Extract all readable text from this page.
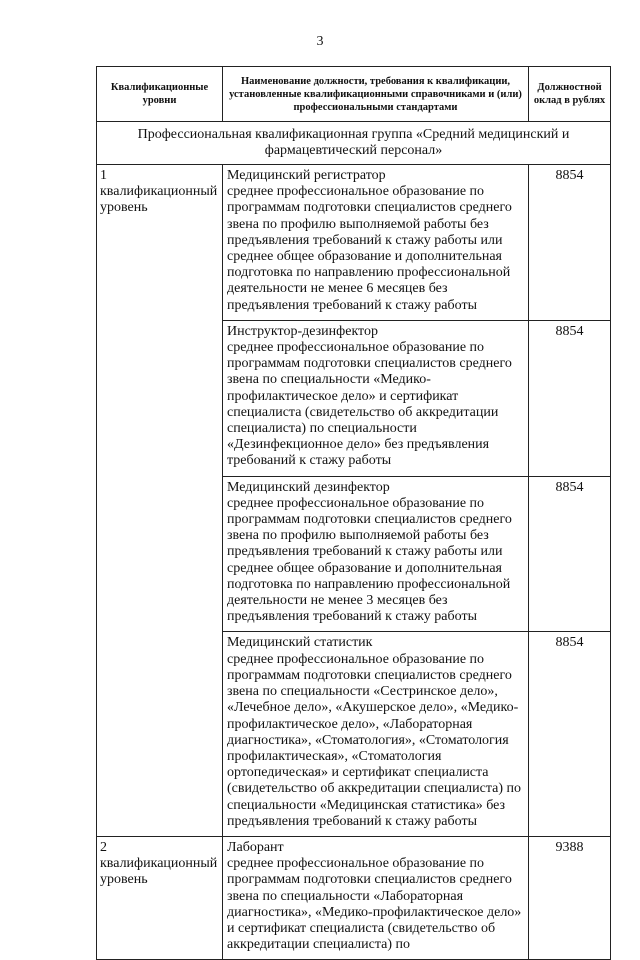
3
Квалификационные уровни	Наименование должности, требования к квалификации, установленные квалификационными справочниками и (или) профессиональными стандартами	Должностной оклад в рублях
Профессиональная квалификационная группа «Средний медицинский и фармацевтический персонал»		
1 квалификационный уровень	Медицинский регистратор
среднее профессиональное образование по программам подготовки специалистов среднего звена по профилю выполняемой работы без предъявления требований к стажу работы или среднее общее образование и дополнительная подготовка по направлению профессиональной деятельности не менее 6 месяцев без предъявления требований к стажу работы	8854

	Инструктор-дезинфектор
среднее профессиональное образование по программам подготовки специалистов среднего звена по специальности «Медико-профилактическое дело» и сертификат специалиста (свидетельство об аккредитации специалиста) по специальности «Дезинфекционное дело» без предъявления требований к стажу работы	8854

	Медицинский дезинфектор
среднее профессиональное образование по программам подготовки специалистов среднего звена по профилю выполняемой работы без предъявления требований к стажу работы или среднее общее образование и дополнительная подготовка по направлению профессиональной деятельности не менее 3 месяцев без предъявления требований к стажу работы	8854

	Медицинский статистик
среднее профессиональное образование по программам подготовки специалистов среднего звена по специальности «Сестринское дело», «Лечебное дело», «Акушерское дело», «Медико-профилактическое дело», «Лабораторная диагностика», «Стоматология», «Стоматология профилактическая», «Стоматология ортопедическая» и сертификат специалиста (свидетельство об аккредитации специалиста) по специальности «Медицинская статистика» без предъявления требований к стажу работы	8854
2 квалификационный уровень	Лаборант
среднее профессиональное образование по программам подготовки специалистов среднего звена по специальности «Лабораторная диагностика», «Медико-профилактическое дело» и сертификат специалиста (свидетельство об аккредитации специалиста) по	9388
